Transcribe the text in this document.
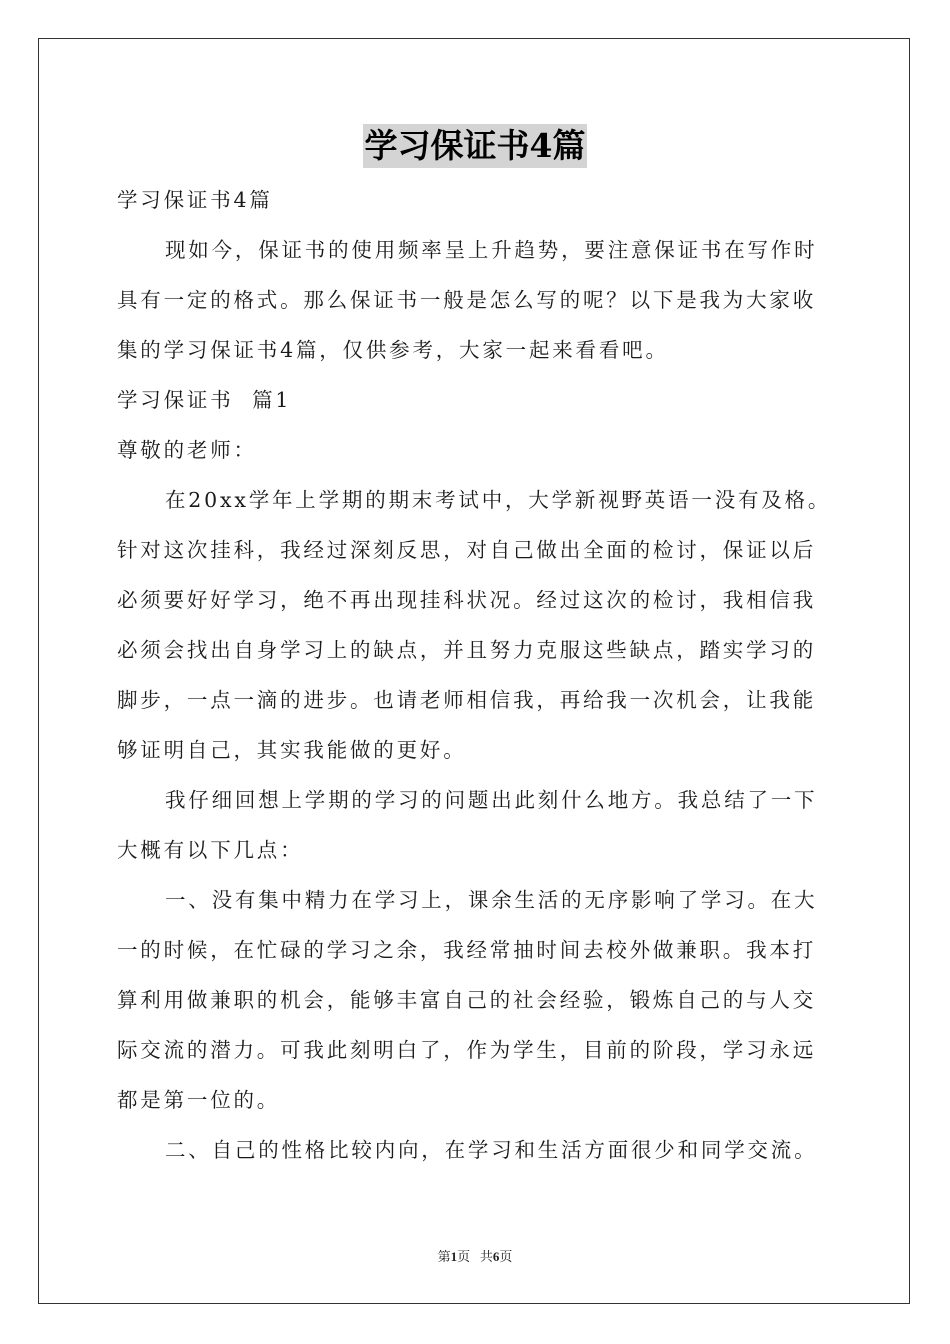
学习保证书4篇
学习保证书4篇
现如今，保证书的使用频率呈上升趋势，要注意保证书在写作时
具有一定的格式。那么保证书一般是怎么写的呢？以下是我为大家收
集的学习保证书4篇，仅供参考，大家一起来看看吧。
学习保证书  篇1
尊敬的老师：
在20xx学年上学期的期末考试中，大学新视野英语一没有及格。
针对这次挂科，我经过深刻反思，对自己做出全面的检讨，保证以后
必须要好好学习，绝不再出现挂科状况。经过这次的检讨，我相信我
必须会找出自身学习上的缺点，并且努力克服这些缺点，踏实学习的
脚步，一点一滴的进步。也请老师相信我，再给我一次机会，让我能
够证明自己，其实我能做的更好。
我仔细回想上学期的学习的问题出此刻什么地方。我总结了一下
大概有以下几点：
一、没有集中精力在学习上，课余生活的无序影响了学习。在大
一的时候，在忙碌的学习之余，我经常抽时间去校外做兼职。我本打
算利用做兼职的机会，能够丰富自己的社会经验，锻炼自己的与人交
际交流的潜力。可我此刻明白了，作为学生，目前的阶段，学习永远
都是第一位的。
二、自己的性格比较内向，在学习和生活方面很少和同学交流。
第1页   共6页
